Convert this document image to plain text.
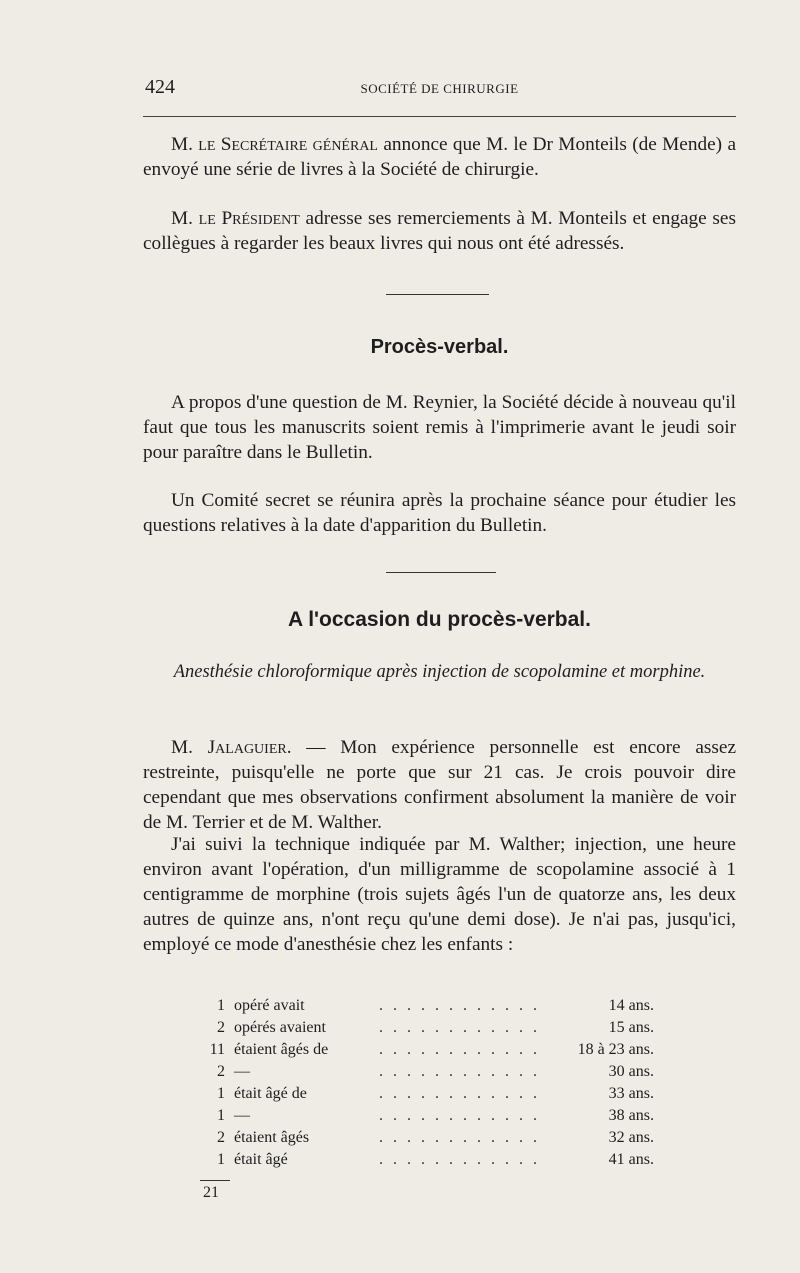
424	SOCIÉTÉ DE CHIRURGIE

M. le Secrétaire général annonce que M. le Dr Monteils (de Mende) a envoyé une série de livres à la Société de chirurgie.

M. le Président adresse ses remerciements à M. Monteils et engage ses collègues à regarder les beaux livres qui nous ont été adressés.

Procès-verbal.

A propos d'une question de M. Reynier, la Société décide à nouveau qu'il faut que tous les manuscrits soient remis à l'imprimerie avant le jeudi soir pour paraître dans le Bulletin.

Un Comité secret se réunira après la prochaine séance pour étudier les questions relatives à la date d'apparition du Bulletin.

A l'occasion du procès-verbal.
Anesthésie chloroformique après injection de scopolamine et morphine.

M. Jalaguier. — Mon expérience personnelle est encore assez restreinte, puisqu'elle ne porte que sur 21 cas. Je crois pouvoir dire cependant que mes observations confirment absolument la manière de voir de M. Terrier et de M. Walther.

J'ai suivi la technique indiquée par M. Walther; injection, une heure environ avant l'opération, d'un milligramme de scopolamine associé à 1 centigramme de morphine (trois sujets âgés l'un de quatorze ans, les deux autres de quinze ans, n'ont reçu qu'une demi dose). Je n'ai pas, jusqu'ici, employé ce mode d'anesthésie chez les enfants :

1 opéré avait	. . . . . . . . . . . .	14 ans.
2 opérés avaient	. . . . . . . . . . . .	15 ans.
11 étaient âgés de	. . . . . . . . . . . .	18 à 23 ans.
2 —	. . . . . . . . . . . .	30 ans.
1 était âgé de	. . . . . . . . . . . .	33 ans.
1 —	. . . . . . . . . . . .	38 ans.
2 étaient âgés	. . . . . . . . . . . .	32 ans.
1 était âgé	. . . . . . . . . . . .	41 ans.
21
